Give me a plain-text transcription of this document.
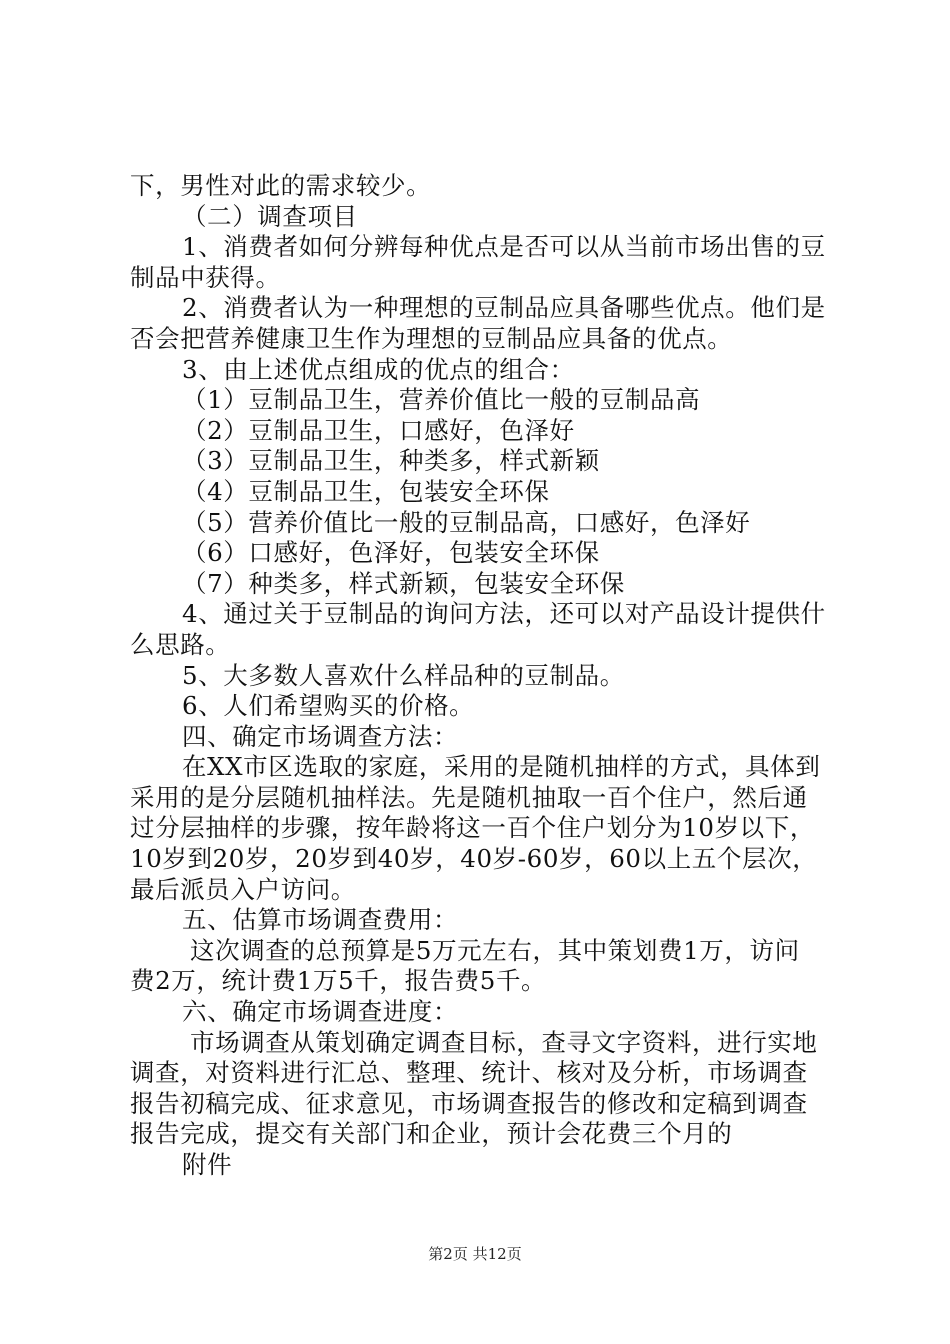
下，男性对此的需求较少。
（二）调查项目
1、消费者如何分辨每种优点是否可以从当前市场出售的豆
制品中获得。
2、消费者认为一种理想的豆制品应具备哪些优点。他们是
否会把营养健康卫生作为理想的豆制品应具备的优点。
3、由上述优点组成的优点的组合：
（1）豆制品卫生，营养价值比一般的豆制品高
（2）豆制品卫生，口感好，色泽好
（3）豆制品卫生，种类多，样式新颖
（4）豆制品卫生，包装安全环保
（5）营养价值比一般的豆制品高，口感好，色泽好
（6）口感好，色泽好，包装安全环保
（7）种类多，样式新颖，包装安全环保
4、通过关于豆制品的询问方法，还可以对产品设计提供什
么思路。
5、大多数人喜欢什么样品种的豆制品。
6、人们希望购买的价格。
四、确定市场调查方法：
在XX市区选取的家庭，采用的是随机抽样的方式，具体到
采用的是分层随机抽样法。先是随机抽取一百个住户，然后通
过分层抽样的步骤，按年龄将这一百个住户划分为10岁以下，
10岁到20岁，20岁到40岁，40岁-60岁，60以上五个层次，
最后派员入户访问。
五、估算市场调查费用：
这次调查的总预算是5万元左右，其中策划费1万，访问
费2万，统计费1万5千，报告费5千。
六、确定市场调查进度：
市场调查从策划确定调查目标，查寻文字资料，进行实地
调查，对资料进行汇总、整理、统计、核对及分析，市场调查
报告初稿完成、征求意见，市场调查报告的修改和定稿到调查
报告完成，提交有关部门和企业，预计会花费三个月的
附件
第2页 共12页
